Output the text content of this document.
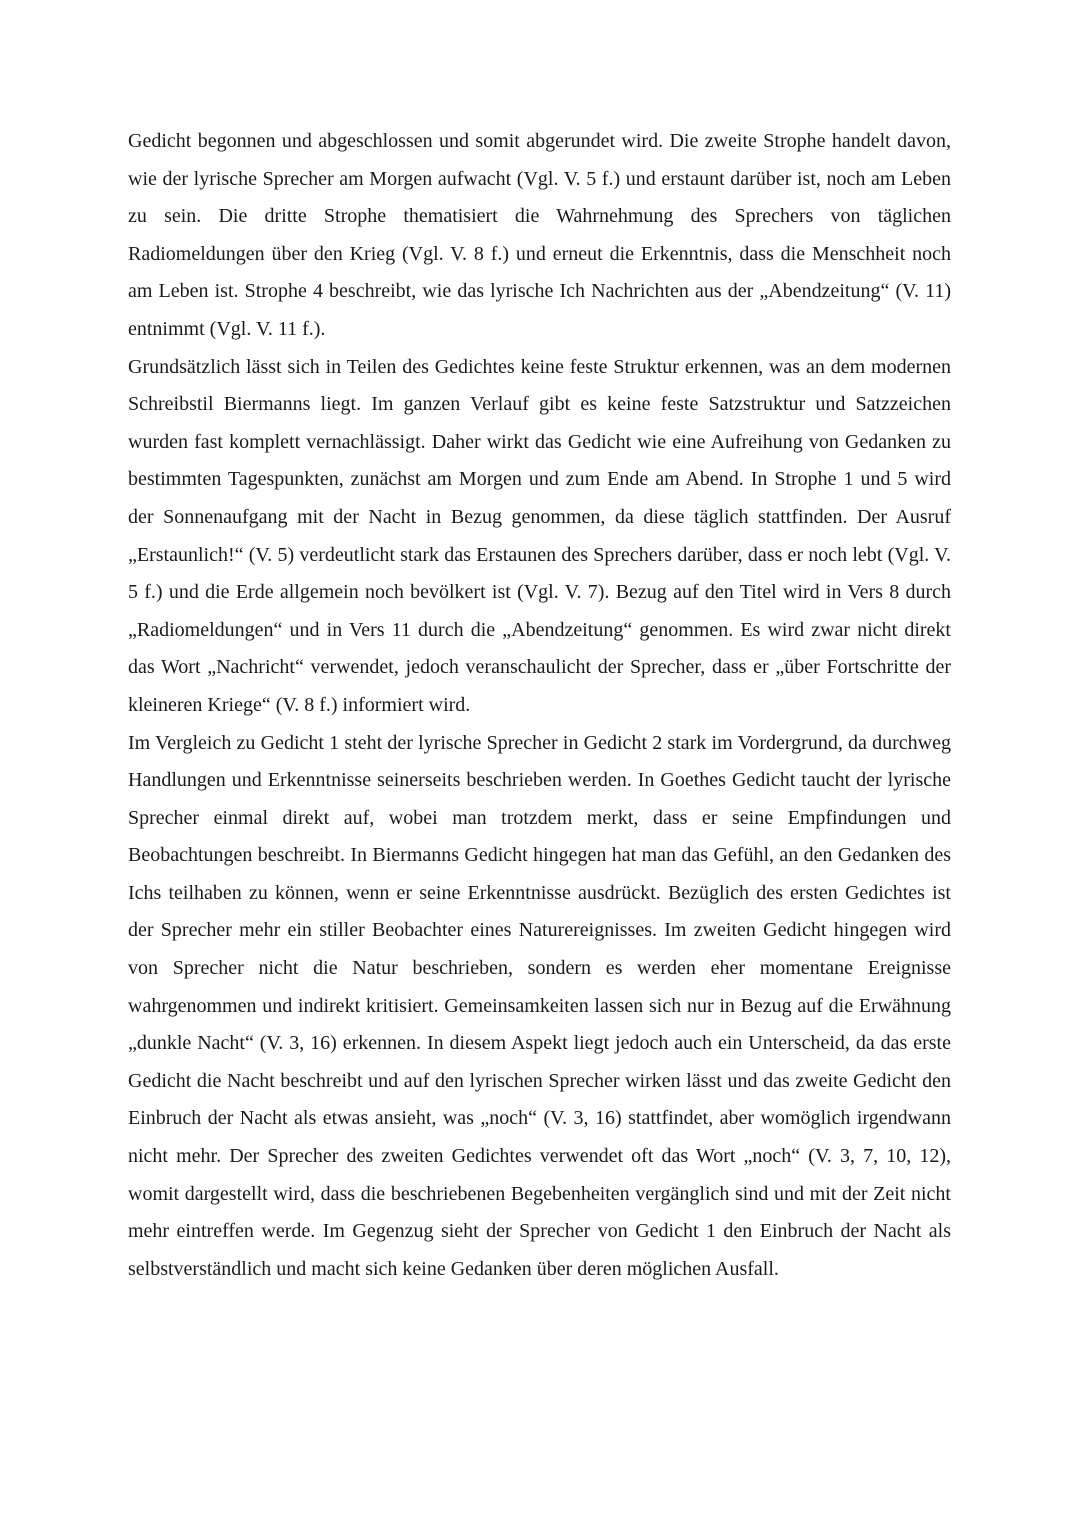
Gedicht begonnen und abgeschlossen und somit abgerundet wird. Die zweite Strophe handelt davon, wie der lyrische Sprecher am Morgen aufwacht (Vgl. V. 5 f.) und erstaunt darüber ist, noch am Leben zu sein. Die dritte Strophe thematisiert die Wahrnehmung des Sprechers von täglichen Radiomeldungen über den Krieg (Vgl. V. 8 f.) und erneut die Erkenntnis, dass die Menschheit noch am Leben ist. Strophe 4 beschreibt, wie das lyrische Ich Nachrichten aus der „Abendzeitung“ (V. 11) entnimmt (Vgl. V. 11 f.).

Grundsätzlich lässt sich in Teilen des Gedichtes keine feste Struktur erkennen, was an dem modernen Schreibstil Biermanns liegt. Im ganzen Verlauf gibt es keine feste Satzstruktur und Satzzeichen wurden fast komplett vernachlässigt. Daher wirkt das Gedicht wie eine Aufreihung von Gedanken zu bestimmten Tagespunkten, zunächst am Morgen und zum Ende am Abend. In Strophe 1 und 5 wird der Sonnenaufgang mit der Nacht in Bezug genommen, da diese täglich stattfinden. Der Ausruf „Erstaunlich!“ (V. 5) verdeutlicht stark das Erstaunen des Sprechers darüber, dass er noch lebt (Vgl. V. 5 f.) und die Erde allgemein noch bevölkert ist (Vgl. V. 7). Bezug auf den Titel wird in Vers 8 durch „Radiomeldungen“ und in Vers 11 durch die „Abendzeitung“ genommen. Es wird zwar nicht direkt das Wort „Nachricht“ verwendet, jedoch veranschaulicht der Sprecher, dass er „über Fortschritte der kleineren Kriege“ (V. 8 f.) informiert wird.

Im Vergleich zu Gedicht 1 steht der lyrische Sprecher in Gedicht 2 stark im Vordergrund, da durchweg Handlungen und Erkenntnisse seinerseits beschrieben werden. In Goethes Gedicht taucht der lyrische Sprecher einmal direkt auf, wobei man trotzdem merkt, dass er seine Empfindungen und Beobachtungen beschreibt. In Biermanns Gedicht hingegen hat man das Gefühl, an den Gedanken des Ichs teilhaben zu können, wenn er seine Erkenntnisse ausdrückt. Bezüglich des ersten Gedichtes ist der Sprecher mehr ein stiller Beobachter eines Naturereignisses. Im zweiten Gedicht hingegen wird von Sprecher nicht die Natur beschrieben, sondern es werden eher momentane Ereignisse wahrgenommen und indirekt kritisiert. Gemeinsamkeiten lassen sich nur in Bezug auf die Erwähnung „dunkle Nacht“ (V. 3, 16) erkennen. In diesem Aspekt liegt jedoch auch ein Unterscheid, da das erste Gedicht die Nacht beschreibt und auf den lyrischen Sprecher wirken lässt und das zweite Gedicht den Einbruch der Nacht als etwas ansieht, was „noch“ (V. 3, 16) stattfindet, aber womöglich irgendwann nicht mehr. Der Sprecher des zweiten Gedichtes verwendet oft das Wort „noch“ (V. 3, 7, 10, 12), womit dargestellt wird, dass die beschriebenen Begebenheiten vergänglich sind und mit der Zeit nicht mehr eintreffen werde. Im Gegenzug sieht der Sprecher von Gedicht 1 den Einbruch der Nacht als selbstverständlich und macht sich keine Gedanken über deren möglichen Ausfall.
